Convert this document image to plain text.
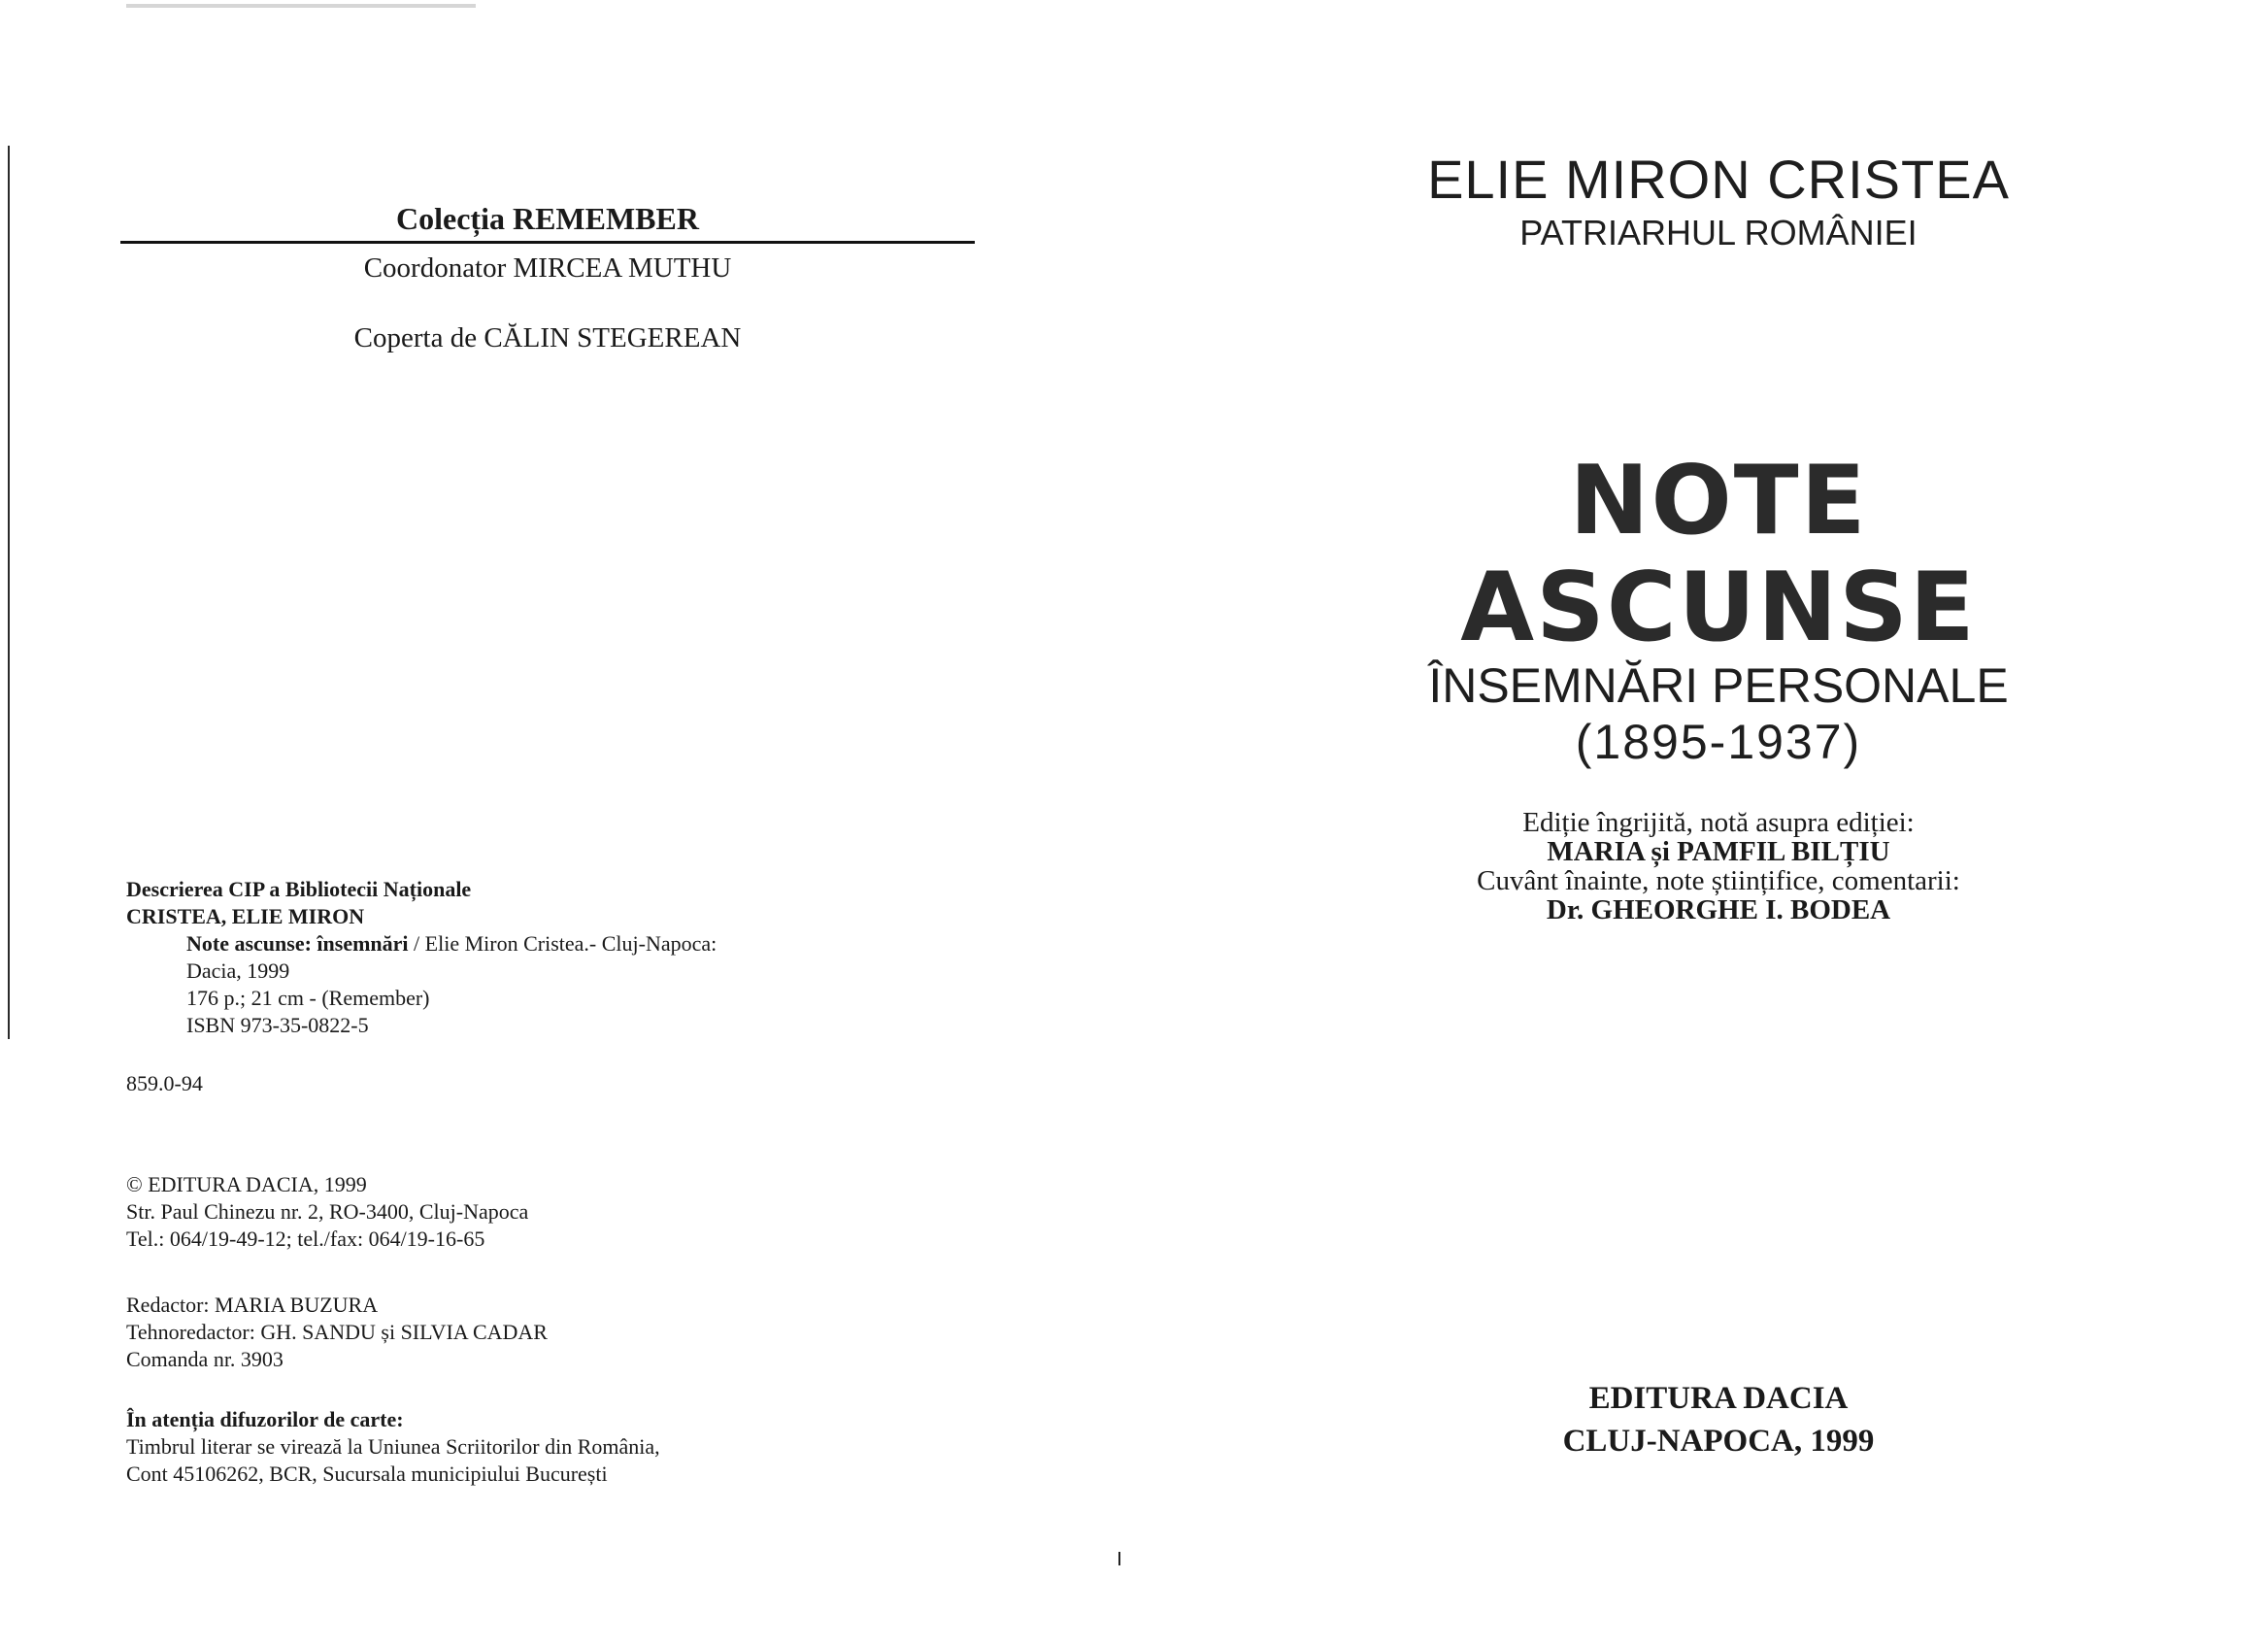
Colecția REMEMBER
Coordonator MIRCEA MUTHU
Coperta de CĂLIN STEGEREAN
Descrierea CIP a Bibliotecii Naționale
CRISTEA, ELIE MIRON
Note ascunse: însemnări / Elie Miron Cristea.- Cluj-Napoca:
Dacia, 1999
176 p.; 21 cm - (Remember)
ISBN 973-35-0822-5
859.0-94
© EDITURA DACIA, 1999
Str. Paul Chinezu nr. 2, RO-3400, Cluj-Napoca
Tel.: 064/19-49-12; tel./fax: 064/19-16-65
Redactor: MARIA BUZURA
Tehnoredactor: GH. SANDU și SILVIA CADAR
Comanda nr. 3903
În atenția difuzorilor de carte:
Timbrul literar se virează la Uniunea Scriitorilor din România,
Cont 45106262, BCR, Sucursala municipiului București
ELIE MIRON CRISTEA
PATRIARHUL ROMÂNIEI
NOTE
ASCUNSE
ÎNSEMNĂRI PERSONALE
(1895-1937)
Ediție îngrijită, notă asupra ediției:
MARIA și PAMFIL BILȚIU
Cuvânt înainte, note științifice, comentarii:
Dr. GHEORGHE I. BODEA
EDITURA DACIA
CLUJ-NAPOCA, 1999
